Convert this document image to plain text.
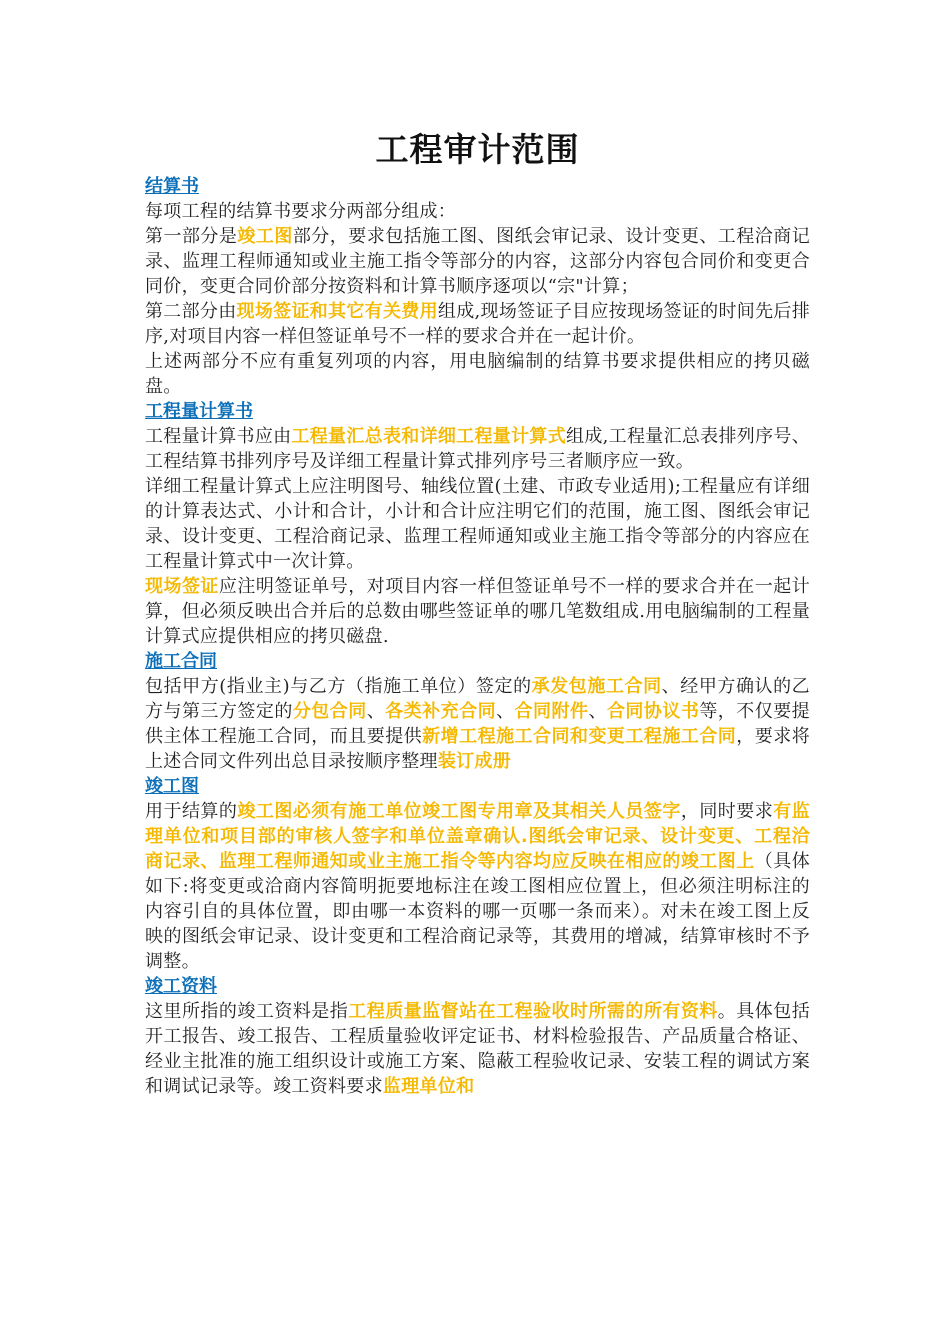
工程审计范围
结算书

每项工程的结算书要求分两部分组成：

第一部分是竣工图部分，要求包括施工图、图纸会审记录、设计变更、工程洽商记录、监理工程师通知或业主施工指令等部分的内容，这部分内容包合同价和变更合同价，变更合同价部分按资料和计算书顺序逐项以“宗"计算；

第二部分由现场签证和其它有关费用组成,现场签证子目应按现场签证的时间先后排序,对项目内容一样但签证单号不一样的要求合并在一起计价。

上述两部分不应有重复列项的内容，用电脑编制的结算书要求提供相应的拷贝磁盘。

工程量计算书

工程量计算书应由工程量汇总表和详细工程量计算式组成,工程量汇总表排列序号、工程结算书排列序号及详细工程量计算式排列序号三者顺序应一致。

详细工程量计算式上应注明图号、轴线位置(土建、市政专业适用);工程量应有详细的计算表达式、小计和合计，小计和合计应注明它们的范围，施工图、图纸会审记录、设计变更、工程洽商记录、监理工程师通知或业主施工指令等部分的内容应在工程量计算式中一次计算。

现场签证应注明签证单号，对项目内容一样但签证单号不一样的要求合并在一起计算，但必须反映出合并后的总数由哪些签证单的哪几笔数组成.用电脑编制的工程量计算式应提供相应的拷贝磁盘.

施工合同

包括甲方(指业主)与乙方（指施工单位）签定的承发包施工合同、经甲方确认的乙方与第三方签定的分包合同、各类补充合同、合同附件、合同协议书等，不仅要提供主体工程施工合同，而且要提供新增工程施工合同和变更工程施工合同，要求将上述合同文件列出总目录按顺序整理装订成册

竣工图

用于结算的竣工图必须有施工单位竣工图专用章及其相关人员签字，同时要求有监理单位和项目部的审核人签字和单位盖章确认.图纸会审记录、设计变更、工程洽商记录、监理工程师通知或业主施工指令等内容均应反映在相应的竣工图上（具体如下:将变更或洽商内容简明扼要地标注在竣工图相应位置上，但必须注明标注的内容引自的具体位置，即由哪一本资料的哪一页哪一条而来）。对未在竣工图上反映的图纸会审记录、设计变更和工程洽商记录等，其费用的增减，结算审核时不予调整。

竣工资料

这里所指的竣工资料是指工程质量监督站在工程验收时所需的所有资料。具体包括开工报告、竣工报告、工程质量验收评定证书、材料检验报告、产品质量合格证、经业主批准的施工组织设计或施工方案、隐蔽工程验收记录、安装工程的调试方案和调试记录等。竣工资料要求监理单位和
